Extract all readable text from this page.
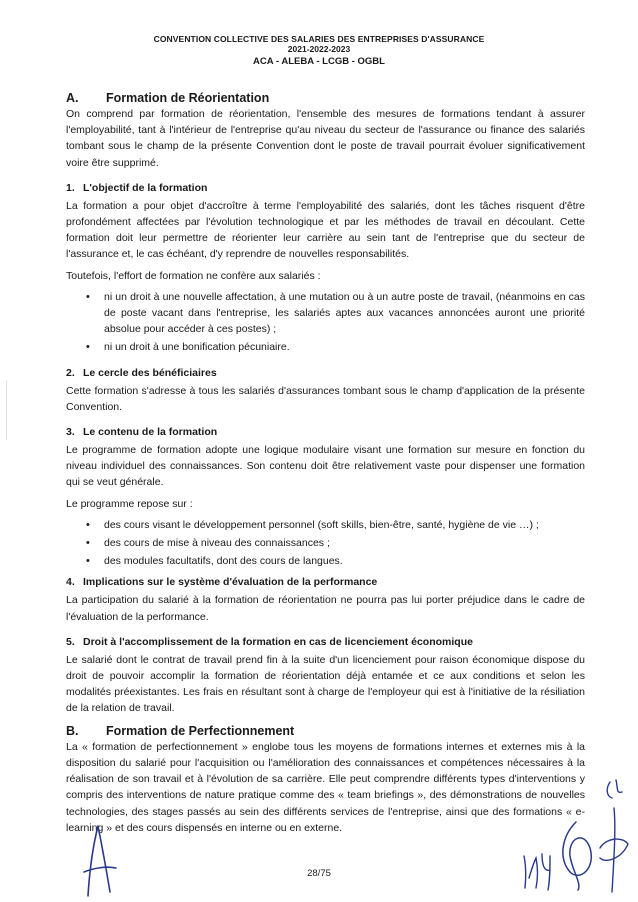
CONVENTION COLLECTIVE DES SALARIES DES ENTREPRISES D'ASSURANCE
2021-2022-2023
ACA - ALEBA - LCGB - OGBL
A. Formation de Réorientation

On comprend par formation de réorientation, l'ensemble des mesures de formations tendant à assurer l'employabilité, tant à l'intérieur de l'entreprise qu'au niveau du secteur de l'assurance ou finance des salariés tombant sous le champ de la présente Convention dont le poste de travail pourrait évoluer significativement voire être supprimé.

1. L'objectif de la formation

La formation a pour objet d'accroître à terme l'employabilité des salariés, dont les tâches risquent d'être profondément affectées par l'évolution technologique et par les méthodes de travail en découlant. Cette formation doit leur permettre de réorienter leur carrière au sein tant de l'entreprise que du secteur de l'assurance et, le cas échéant, d'y reprendre de nouvelles responsabilités.

Toutefois, l'effort de formation ne confère aux salariés :

• ni un droit à une nouvelle affectation, à une mutation ou à un autre poste de travail, (néanmoins en cas de poste vacant dans l'entreprise, les salariés aptes aux vacances annoncées auront une priorité absolue pour accéder à ces postes) ;
• ni un droit à une bonification pécuniaire.
2. Le cercle des bénéficiaires

Cette formation s'adresse à tous les salariés d'assurances tombant sous le champ d'application de la présente Convention.

3. Le contenu de la formation

Le programme de formation adopte une logique modulaire visant une formation sur mesure en fonction du niveau individuel des connaissances. Son contenu doit être relativement vaste pour dispenser une formation qui se veut générale.

Le programme repose sur :

• des cours visant le développement personnel (soft skills, bien-être, santé, hygiène de vie …) ;
• des cours de mise à niveau des connaissances ;
• des modules facultatifs, dont des cours de langues.
4. Implications sur le système d'évaluation de la performance

La participation du salarié à la formation de réorientation ne pourra pas lui porter préjudice dans le cadre de l'évaluation de la performance.

5. Droit à l'accomplissement de la formation en cas de licenciement économique

Le salarié dont le contrat de travail prend fin à la suite d'un licenciement pour raison économique dispose du droit de pouvoir accomplir la formation de réorientation déjà entamée et ce aux conditions et selon les modalités préexistantes. Les frais en résultant sont à charge de l'employeur qui est à l'initiative de la résiliation de la relation de travail.

B. Formation de Perfectionnement

La « formation de perfectionnement » englobe tous les moyens de formations internes et externes mis à la disposition du salarié pour l'acquisition ou l'amélioration des connaissances et compétences nécessaires à la réalisation de son travail et à l'évolution de sa carrière. Elle peut comprendre différents types d'interventions y compris des interventions de nature pratique comme des « team briefings », des démonstrations de nouvelles technologies, des stages passés au sein des différents services de l'entreprise, ainsi que des formations « e-learning » et des cours dispensés en interne ou en externe.

28/75
